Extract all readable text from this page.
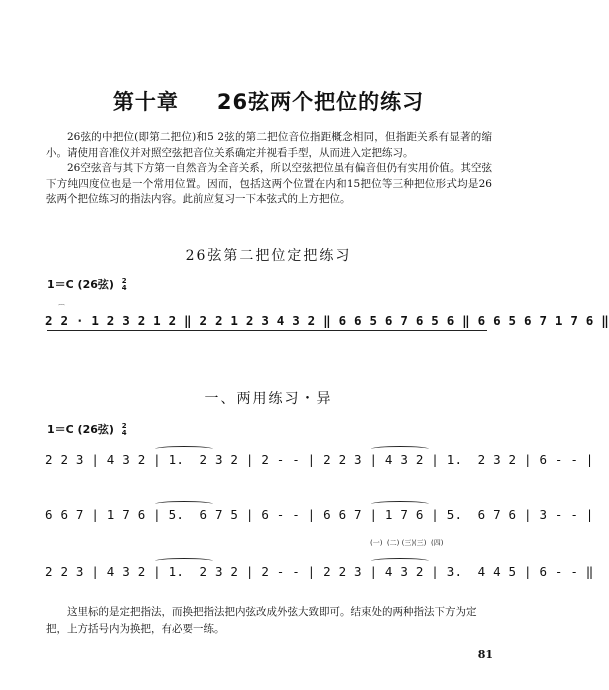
第十章 26弦两个把位的练习

26弦的中把位(即第二把位)和5 2弦的第二把位音位指距概念相同，但指距关系有显著的缩小。请使用音准仪并对照空弦把音位关系确定并视看手型，从而进入定把练习。

26空弦音与其下方第一自然音为全音关系，所以空弦把位虽有偏音但仍有实用价值。其空弦下方纯四度位也是一个常用位置。因而，包括这两个位置在内和15把位等三种把位形式均是26弦两个把位练习的指法内容。此前应复习一下本弦式的上方把位。

26弦第二把位定把练习
1＝C (26弦) 2
4
⌒
2 2 ⋅ 1 2 3 2 1 2 ‖ 2 2 1 2 3 4 3 2 ‖ 6 6 5 6 7 6 5 6 ‖ 6 6 5 6 7 1 7 6 ‖
一、两用练习・异
1＝C (26弦) 2
4
2 2 3 | 4 3 2 | 1.  2 3 2 | 2 - - | 2 2 3 | 4 3 2 | 1.  2 3 2 | 6 - - |
6 6 7 | 1 7 6 | 5.  6 7 5 | 6 - - | 6 6 7 | 1 7 6 | 5.  6 7 6 | 3 - - |
(一)  (二) (三)(三)  (四)
2 2 3 | 4 3 2 | 1.  2 3 2 | 2 - - | 2 2 3 | 4 3 2 | 3.  4 4 5 | 6 - - ‖

这里标的是定把指法，而换把指法把内弦改成外弦大致即可。结束处的两种指法下方为定

把，上方括号内为换把，有必要一练。
81
